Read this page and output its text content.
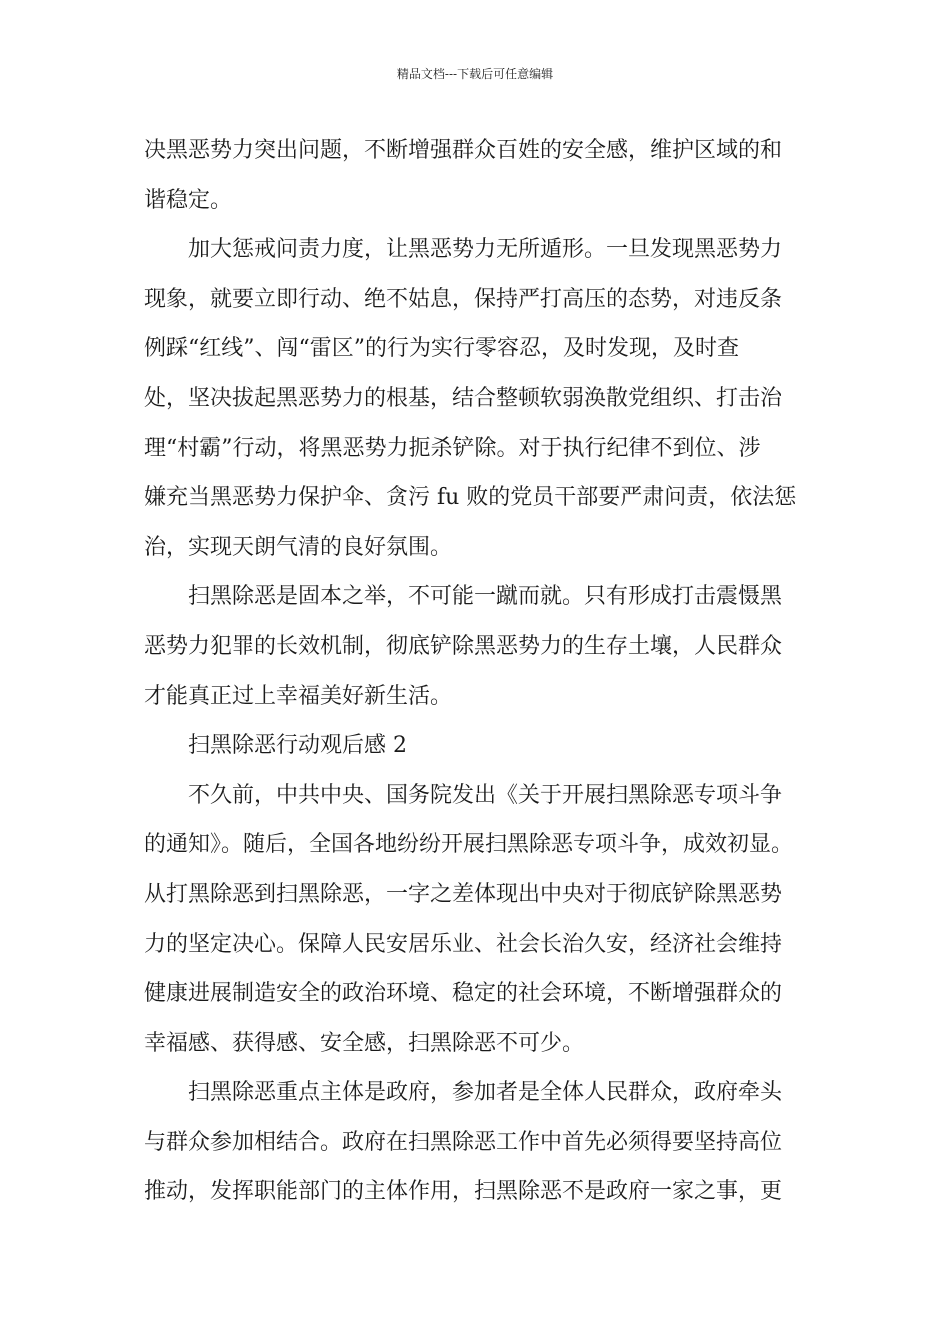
精品文档---下载后可任意编辑
决黑恶势力突出问题，不断增强群众百姓的安全感，维护区域的和
谐稳定。
加大惩戒问责力度，让黑恶势力无所遁形。一旦发现黑恶势力
现象，就要立即行动、绝不姑息，保持严打高压的态势，对违反条
例踩“红线”、闯“雷区”的行为实行零容忍，及时发现，及时查
处，坚决拔起黑恶势力的根基，结合整顿软弱涣散党组织、打击治
理“村霸”行动，将黑恶势力扼杀铲除。对于执行纪律不到位、涉
嫌充当黑恶势力保护伞、贪污 fu 败的党员干部要严肃问责，依法惩
治，实现天朗气清的良好氛围。
扫黑除恶是固本之举，不可能一蹴而就。只有形成打击震慑黑
恶势力犯罪的长效机制，彻底铲除黑恶势力的生存土壤，人民群众
才能真正过上幸福美好新生活。
扫黑除恶行动观后感 2
不久前，中共中央、国务院发出《关于开展扫黑除恶专项斗争
的通知》。随后，全国各地纷纷开展扫黑除恶专项斗争，成效初显。
从打黑除恶到扫黑除恶，一字之差体现出中央对于彻底铲除黑恶势
力的坚定决心。保障人民安居乐业、社会长治久安，经济社会维持
健康进展制造安全的政治环境、稳定的社会环境，不断增强群众的
幸福感、获得感、安全感，扫黑除恶不可少。
扫黑除恶重点主体是政府，参加者是全体人民群众，政府牵头
与群众参加相结合。政府在扫黑除恶工作中首先必须得要坚持高位
推动，发挥职能部门的主体作用，扫黑除恶不是政府一家之事，更
